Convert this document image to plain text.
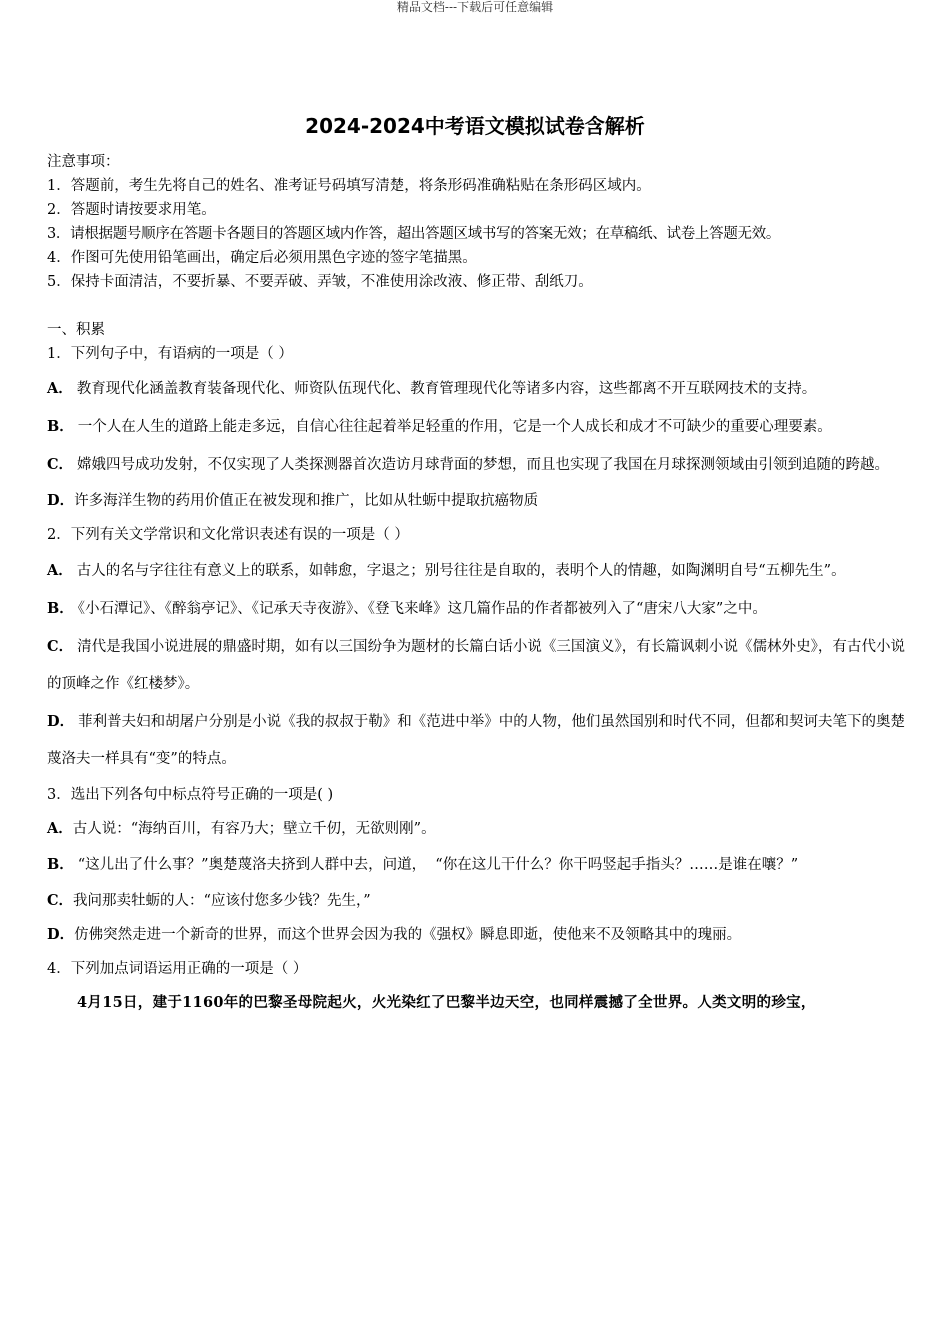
精品文档---下载后可任意编辑
2024-2024中考语文模拟试卷含解析
注意事项：
1．答题前，考生先将自己的姓名、准考证号码填写清楚，将条形码准确粘贴在条形码区域内。
2．答题时请按要求用笔。
3．请根据题号顺序在答题卡各题目的答题区域内作答，超出答题区域书写的答案无效；在草稿纸、试卷上答题无效。
4．作图可先使用铅笔画出，确定后必须用黑色字迹的签字笔描黑。
5．保持卡面清洁，不要折暴、不要弄破、弄皱，不准使用涂改液、修正带、刮纸刀。
一、积累
1．下列句子中，有语病的一项是（ ）
A． 教育现代化涵盖教育装备现代化、师资队伍现代化、教育管理现代化等诸多内容，这些都离不开互联网技术的支持。
B． 一个人在人生的道路上能走多远，自信心往往起着举足轻重的作用，它是一个人成长和成才不可缺少的重要心理要素。
C． 嫦娥四号成功发射，不仅实现了人类探测器首次造访月球背面的梦想，而且也实现了我国在月球探测领域由引领到追随的跨越。
D．许多海洋生物的药用价值正在被发现和推广，比如从牡蛎中提取抗癌物质
2．下列有关文学常识和文化常识表述有误的一项是（ ）
A． 古人的名与字往往有意义上的联系，如韩愈，字退之；别号往往是自取的，表明个人的情趣，如陶渊明自号“五柳先生”。
B． 《小石潭记》、《醉翁亭记》、《记承天寺夜游》、《登飞来峰》这几篇作品的作者都被列入了“唐宋八大家”之中。
C． 清代是我国小说进展的鼎盛时期，如有以三国纷争为题材的长篇白话小说《三国演义》，有长篇讽刺小说《儒林外史》，有古代小说的顶峰之作《红楼梦》。
D． 菲利普夫妇和胡屠户分别是小说《我的叔叔于勒》和《范进中举》中的人物，他们虽然国别和时代不同，但都和契诃夫笔下的奥楚蔑洛夫一样具有“变”的特点。
3．选出下列各句中标点符号正确的一项是( )
A．古人说：“海纳百川，有容乃大；壁立千仞，无欲则刚”。
B． “这儿出了什么事？”奥楚蔑洛夫挤到人群中去，问道，  “你在这儿干什么？你干吗竖起手指头？……是谁在嚷？”
C．我问那卖牡蛎的人：“应该付您多少钱？先生，”
D．仿佛突然走进一个新奇的世界，而这个世界会因为我的《强权》瞬息即逝，使他来不及领略其中的瑰丽。
4．下列加点词语运用正确的一项是（ ）
4月15日，建于1160年的巴黎圣母院起火，火光染红了巴黎半边天空，也同样震撼了全世界。人类文明的珍宝，
